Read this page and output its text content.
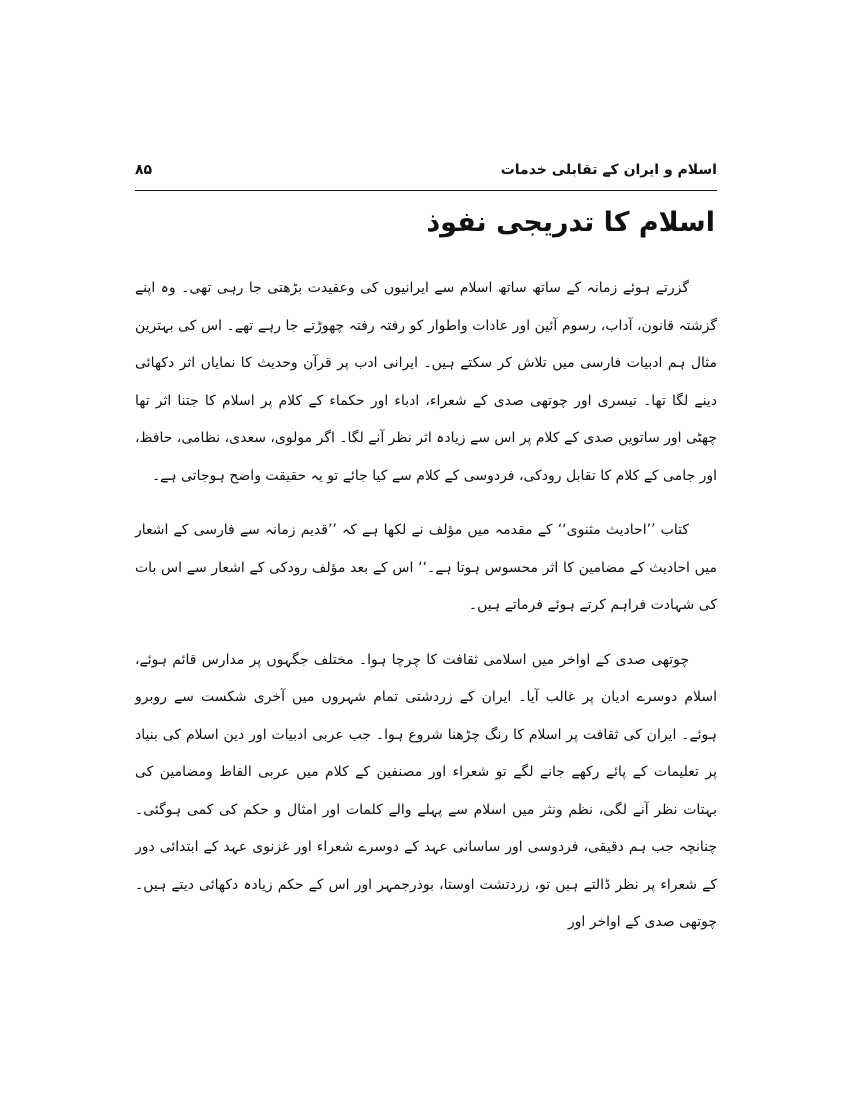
اسلام و ایران کے تقابلی خدمات
۸۵
اسلام کا تدریجی نفوذ

گزرتے ہوئے زمانہ کے ساتھ ساتھ اسلام سے ایرانیوں کی وعقیدت بڑھتی جا رہی تھی۔ وہ اپنے گزشتہ قانون، آداب، رسوم آئین اور عادات واطوار کو رفتہ رفتہ چھوڑتے جا رہے تھے۔ اس کی بہترین مثال ہم ادبیات فارسی میں تلاش کر سکتے ہیں۔ ایرانی ادب پر قرآن وحدیث کا نمایاں اثر دکھائی دینے لگا تھا۔ تیسری اور چوتھی صدی کے شعراء، ادباء اور حکماء کے کلام پر اسلام کا جتنا اثر تھا چھٹی اور ساتویں صدی کے کلام پر اس سے زیادہ اثر نظر آنے لگا۔ اگر مولوی، سعدی، نظامی، حافظ، اور جامی کے کلام کا تقابل رودکی، فردوسی کے کلام سے کیا جائے تو یہ حقیقت واضح ہوجاتی ہے۔

کتاب ’’احادیث مثنوی‘‘ کے مقدمہ میں مؤلف نے لکھا ہے کہ ’’قدیم زمانہ سے فارسی کے اشعار میں احادیث کے مضامین کا اثر محسوس ہوتا ہے۔‘‘ اس کے بعد مؤلف رودکی کے اشعار سے اس بات کی شہادت فراہم کرتے ہوئے فرماتے ہیں۔

چوتھی صدی کے اواخر میں اسلامی ثقافت کا چرچا ہوا۔ مختلف جگہوں پر مدارس قائم ہوئے، اسلام دوسرے ادیان پر غالب آیا۔ ایران کے زردشتی تمام شہروں میں آخری شکست سے روبرو ہوئے۔ ایران کی ثقافت پر اسلام کا رنگ چڑھنا شروع ہوا۔ جب عربی ادبیات اور دین اسلام کی بنیاد پر تعلیمات کے پائے رکھے جانے لگے تو شعراء اور مصنفین کے کلام میں عربی الفاظ ومضامین کی بہتات نظر آنے لگی، نظم ونثر میں اسلام سے پہلے والے کلمات اور امثال و حکم کی کمی ہوگئی۔ چنانچہ جب ہم دقیقی، فردوسی اور ساسانی عہد کے دوسرے شعراء اور غزنوی عہد کے ابتدائی دور کے شعراء پر نظر ڈالتے ہیں تو، زردتشت اوستا، بوذرجمہر اور اس کے حکم زیادہ دکھائی دیتے ہیں۔ چوتھی صدی کے اواخر اور
